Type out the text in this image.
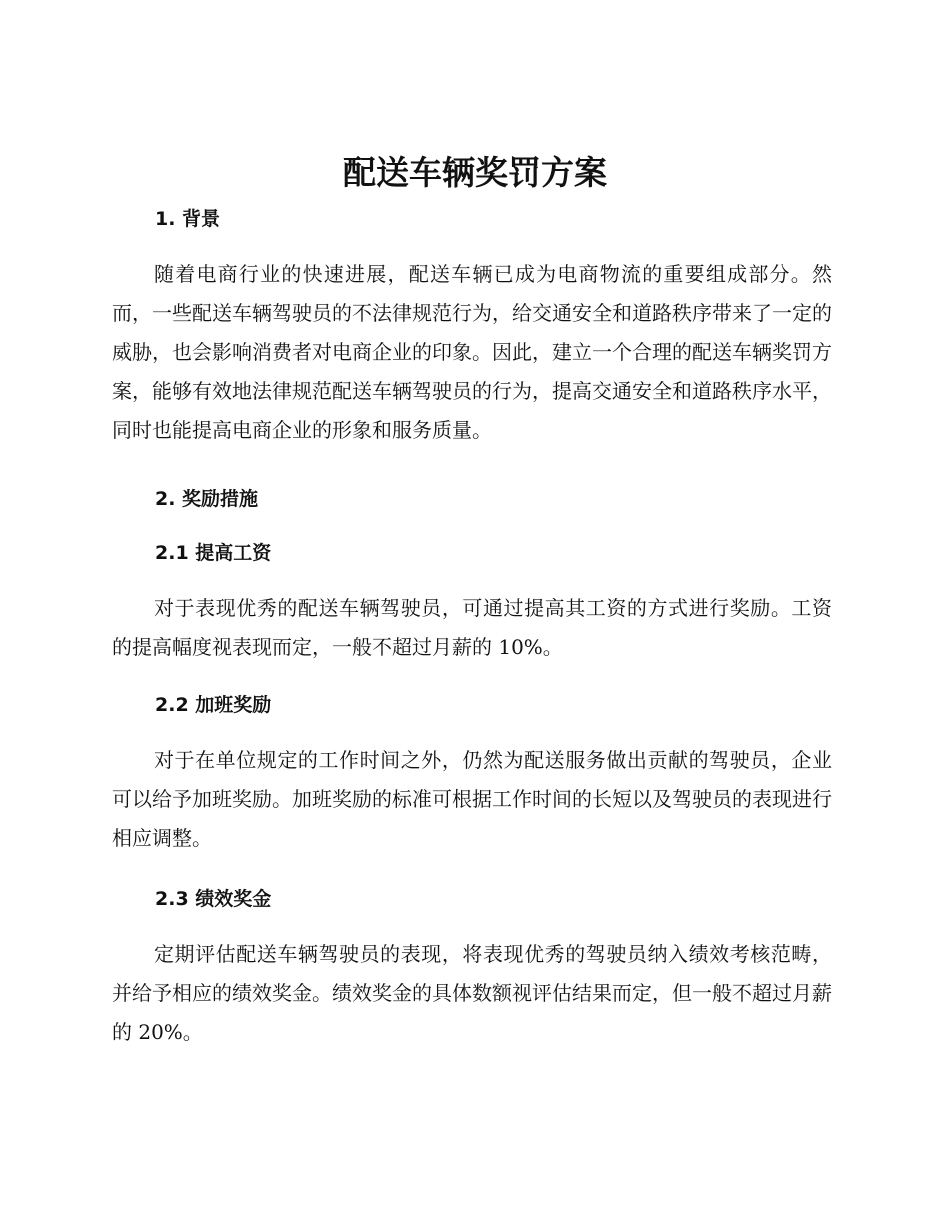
配送车辆奖罚方案
1. 背景

随着电商行业的快速进展，配送车辆已成为电商物流的重要组成部分。然而，一些配送车辆驾驶员的不法律规范行为，给交通安全和道路秩序带来了一定的威胁，也会影响消费者对电商企业的印象。因此，建立一个合理的配送车辆奖罚方案，能够有效地法律规范配送车辆驾驶员的行为，提高交通安全和道路秩序水平，同时也能提高电商企业的形象和服务质量。

2. 奖励措施
2.1 提高工资

对于表现优秀的配送车辆驾驶员，可通过提高其工资的方式进行奖励。工资的提高幅度视表现而定，一般不超过月薪的 10%。

2.2 加班奖励

对于在单位规定的工作时间之外，仍然为配送服务做出贡献的驾驶员，企业可以给予加班奖励。加班奖励的标准可根据工作时间的长短以及驾驶员的表现进行相应调整。

2.3 绩效奖金

定期评估配送车辆驾驶员的表现，将表现优秀的驾驶员纳入绩效考核范畴，并给予相应的绩效奖金。绩效奖金的具体数额视评估结果而定，但一般不超过月薪的 20%。
